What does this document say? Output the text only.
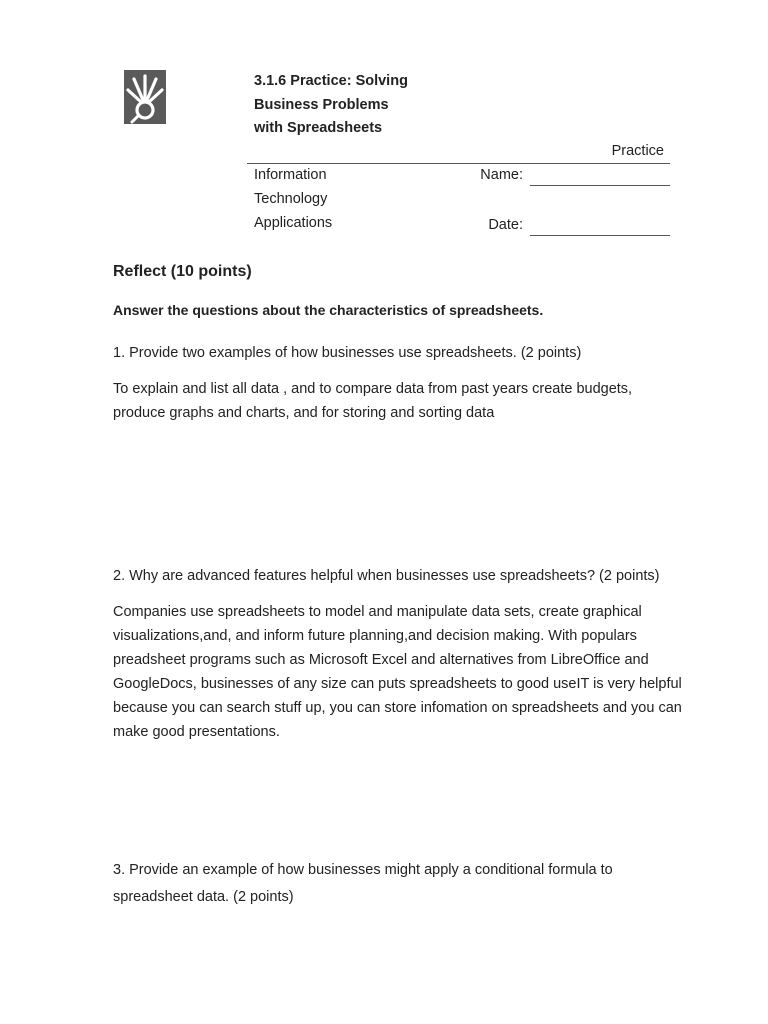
3.1.6 Practice: Solving Business Problems with Spreadsheets
Practice
Information Technology Applications
Name:
Date:
Reflect (10 points)
Answer the questions about the characteristics of spreadsheets.
1. Provide two examples of how businesses use spreadsheets. (2 points)
To explain and list all data , and to compare data from past years create budgets, produce graphs and charts, and for storing and sorting data
2. Why are advanced features helpful when businesses use spreadsheets? (2 points)
Companies use spreadsheets to model and manipulate data sets, create graphical visualizations,and, and inform future planning,and decision making. With populars preadsheet programs such as Microsoft Excel and alternatives from LibreOffice and GoogleDocs, businesses of any size can puts spreadsheets to good useIT is very helpful because you can search stuff up, you can store infomation on spreadsheets and you can make good presentations.
3. Provide an example of how businesses might apply a conditional formula to spreadsheet data. (2 points)
